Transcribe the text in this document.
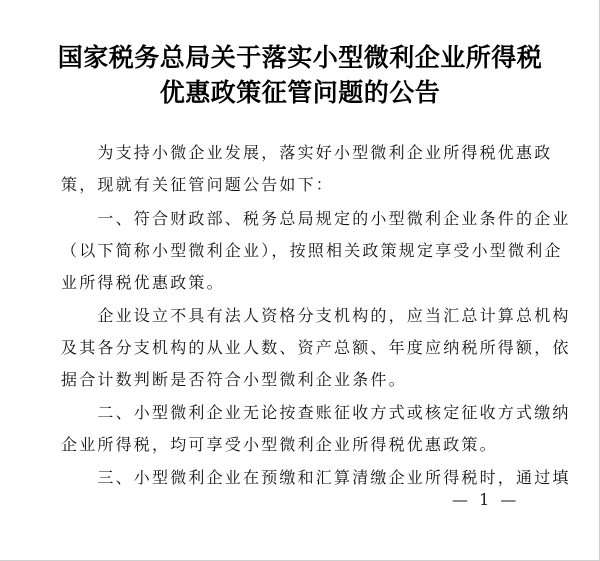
国家税务总局关于落实小型微利企业所得税
优惠政策征管问题的公告
　　为支持小微企业发展，落实好小型微利企业所得税优惠政
策，现就有关征管问题公告如下：
　　一、符合财政部、税务总局规定的小型微利企业条件的企业
（以下简称小型微利企业），按照相关政策规定享受小型微利企
业所得税优惠政策。
　　企业设立不具有法人资格分支机构的，应当汇总计算总机构
及其各分支机构的从业人数、资产总额、年度应纳税所得额，依
据合计数判断是否符合小型微利企业条件。
　　二、小型微利企业无论按查账征收方式或核定征收方式缴纳
企业所得税，均可享受小型微利企业所得税优惠政策。
　　三、小型微利企业在预缴和汇算清缴企业所得税时，通过填
— 1 —
